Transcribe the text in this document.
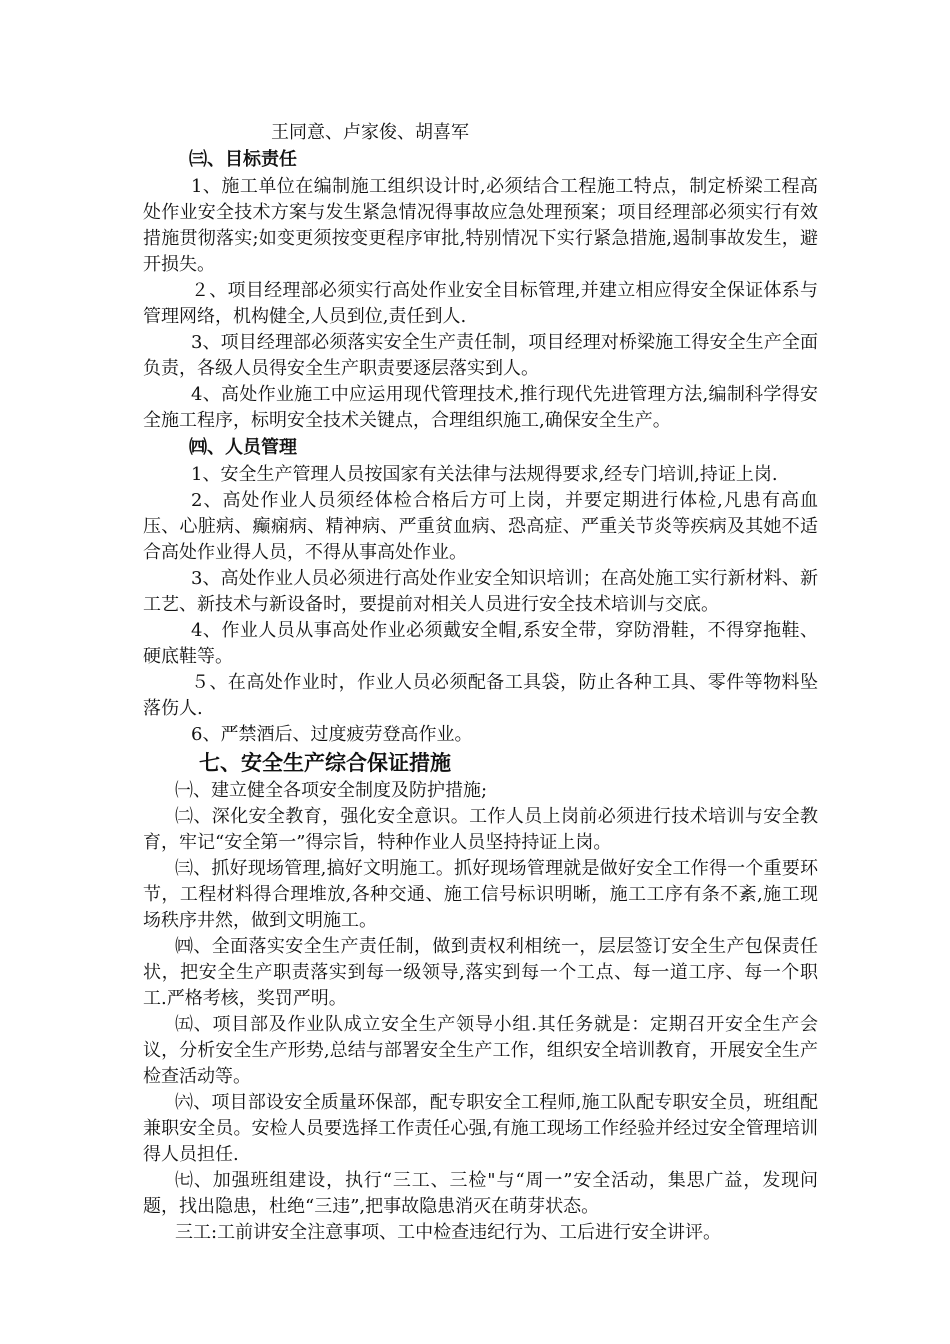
王同意、卢家俊、胡喜军
㈢、目标责任
1、施工单位在编制施工组织设计时,必须结合工程施工特点，制定桥梁工程高处作业安全技术方案与发生紧急情况得事故应急处理预案；项目经理部必须实行有效措施贯彻落实;如变更须按变更程序审批,特别情况下实行紧急措施,遏制事故发生，避开损失。
２、项目经理部必须实行高处作业安全目标管理,并建立相应得安全保证体系与管理网络，机构健全,人员到位,责任到人.
3、项目经理部必须落实安全生产责任制，项目经理对桥梁施工得安全生产全面负责，各级人员得安全生产职责要逐层落实到人。
4、高处作业施工中应运用现代管理技术,推行现代先进管理方法,编制科学得安全施工程序，标明安全技术关键点，合理组织施工,确保安全生产。
㈣、人员管理
1、安全生产管理人员按国家有关法律与法规得要求,经专门培训,持证上岗.
2、高处作业人员须经体检合格后方可上岗，并要定期进行体检,凡患有高血压、心脏病、癫痫病、精神病、严重贫血病、恐高症、严重关节炎等疾病及其她不适合高处作业得人员，不得从事高处作业。
3、高处作业人员必须进行高处作业安全知识培训；在高处施工实行新材料、新工艺、新技术与新设备时，要提前对相关人员进行安全技术培训与交底。
4、作业人员从事高处作业必须戴安全帽,系安全带，穿防滑鞋，不得穿拖鞋、硬底鞋等。
５、在高处作业时，作业人员必须配备工具袋，防止各种工具、零件等物料坠落伤人.
6、严禁酒后、过度疲劳登高作业。
七、安全生产综合保证措施
㈠、建立健全各项安全制度及防护措施;
㈡、深化安全教育，强化安全意识。工作人员上岗前必须进行技术培训与安全教育，牢记“安全第一”得宗旨，特种作业人员坚持持证上岗。
㈢、抓好现场管理,搞好文明施工。抓好现场管理就是做好安全工作得一个重要环节，工程材料得合理堆放,各种交通、施工信号标识明晰，施工工序有条不紊,施工现场秩序井然，做到文明施工。
㈣、全面落实安全生产责任制，做到责权利相统一，层层签订安全生产包保责任状，把安全生产职责落实到每一级领导,落实到每一个工点、每一道工序、每一个职工.严格考核，奖罚严明。
㈤、项目部及作业队成立安全生产领导小组.其任务就是：定期召开安全生产会议，分析安全生产形势,总结与部署安全生产工作，组织安全培训教育，开展安全生产检查活动等。
㈥、项目部设安全质量环保部，配专职安全工程师,施工队配专职安全员，班组配兼职安全员。安检人员要选择工作责任心强,有施工现场工作经验并经过安全管理培训得人员担任.
㈦、加强班组建设，执行“三工、三检"与“周一”安全活动，集思广益，发现问题，找出隐患，杜绝“三违”,把事故隐患消灭在萌芽状态。
三工:工前讲安全注意事项、工中检查违纪行为、工后进行安全讲评。
